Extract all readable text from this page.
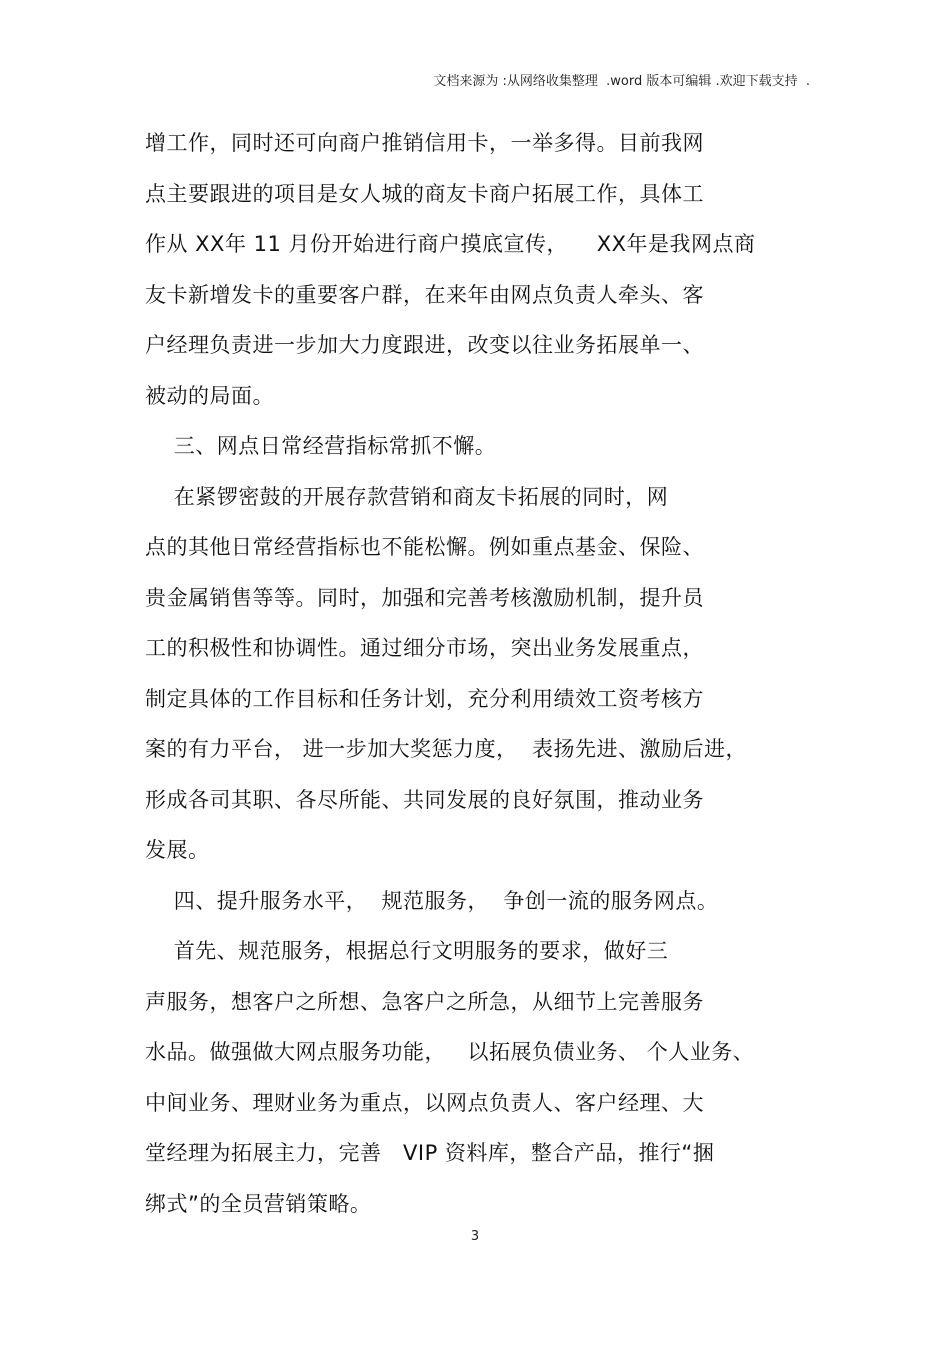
文档来源为 :从网络收集整理  .word 版本可编辑 .欢迎下载支持  .
增工作，同时还可向商户推销信用卡，一举多得。目前我网
点主要跟进的项目是女人城的商友卡商户拓展工作，具体工
作从 XX年 11 月份开始进行商户摸底宣传，    XX年是我网点商
友卡新增发卡的重要客户群，在来年由网点负责人牵头、客
户经理负责进一步加大力度跟进，改变以往业务拓展单一、
被动的局面。
三、网点日常经营指标常抓不懈。
在紧锣密鼓的开展存款营销和商友卡拓展的同时，网
点的其他日常经营指标也不能松懈。例如重点基金、保险、
贵金属销售等等。同时，加强和完善考核激励机制，提升员
工的积极性和协调性。通过细分市场，突出业务发展重点，
制定具体的工作目标和任务计划，充分利用绩效工资考核方
案的有力平台， 进一步加大奖惩力度，  表扬先进、激励后进，
形成各司其职、各尽所能、共同发展的良好氛围，推动业务
发展。
四、提升服务水平，  规范服务，  争创一流的服务网点。
首先、规范服务，根据总行文明服务的要求，做好三
声服务，想客户之所想、急客户之所急，从细节上完善服务
水品。做强做大网点服务功能，   以拓展负债业务、 个人业务、
中间业务、理财业务为重点，以网点负责人、客户经理、大
堂经理为拓展主力，完善   VIP 资料库，整合产品，推行“捆
绑式”的全员营销策略。
3
